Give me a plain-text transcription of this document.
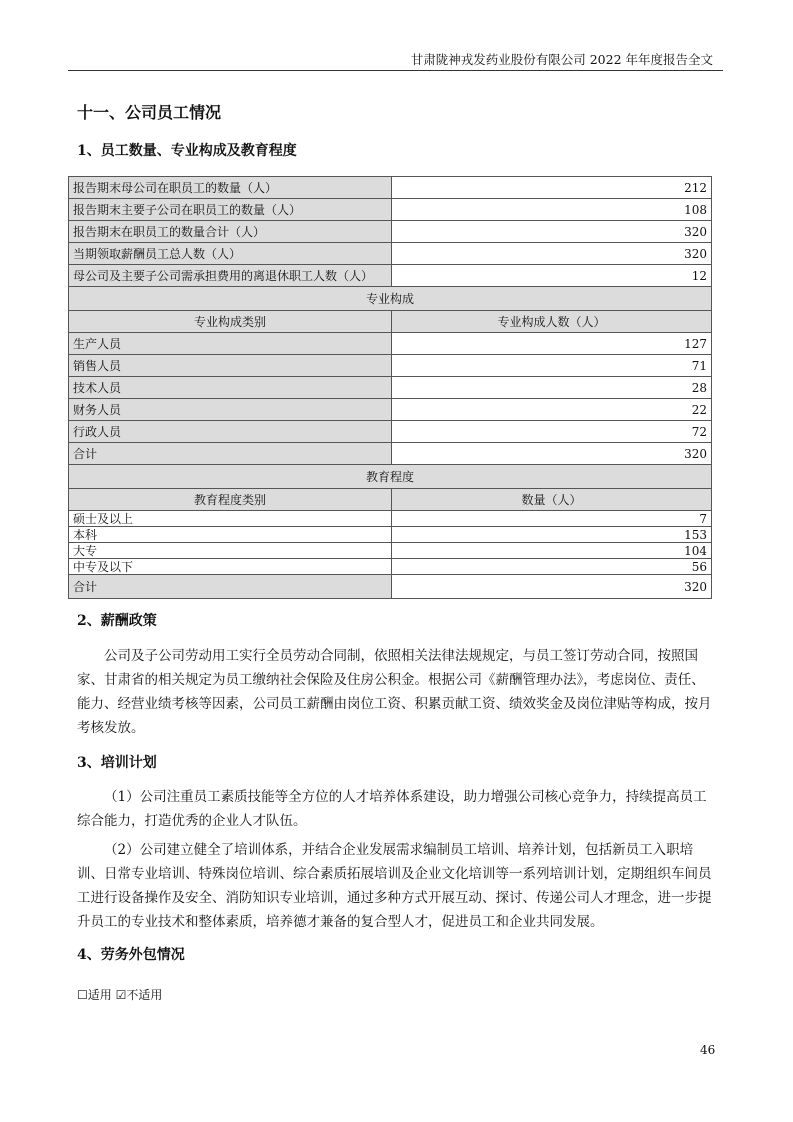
甘肃陇神戎发药业股份有限公司 2022 年年度报告全文
十一、公司员工情况
1、员工数量、专业构成及教育程度
报告期末母公司在职员工的数量（人）	212
报告期末主要子公司在职员工的数量（人）	108
报告期末在职员工的数量合计（人）	320
当期领取薪酬员工总人数（人）	320
母公司及主要子公司需承担费用的离退休职工人数（人）	12
专业构成	
专业构成类别	专业构成人数（人）
生产人员	127
销售人员	71
技术人员	28
财务人员	22
行政人员	72
合计	320
教育程度	
教育程度类别	数量（人）
硕士及以上	7
本科	153
大专	104
中专及以下	56
合计	320
2、薪酬政策

公司及子公司劳动用工实行全员劳动合同制，依照相关法律法规规定，与员工签订劳动合同，按照国家、甘肃省的相关规定为员工缴纳社会保险及住房公积金。根据公司《薪酬管理办法》，考虑岗位、责任、能力、经营业绩考核等因素，公司员工薪酬由岗位工资、积累贡献工资、绩效奖金及岗位津贴等构成，按月考核发放。

3、培训计划

（1）公司注重员工素质技能等全方位的人才培养体系建设，助力增强公司核心竞争力，持续提高员工综合能力，打造优秀的企业人才队伍。

（2）公司建立健全了培训体系，并结合企业发展需求编制员工培训、培养计划，包括新员工入职培训、日常专业培训、特殊岗位培训、综合素质拓展培训及企业文化培训等一系列培训计划，定期组织车间员工进行设备操作及安全、消防知识专业培训，通过多种方式开展互动、探讨、传递公司人才理念，进一步提升员工的专业技术和整体素质，培养德才兼备的复合型人才，促进员工和企业共同发展。

4、劳务外包情况
☐适用 ☑不适用
46
